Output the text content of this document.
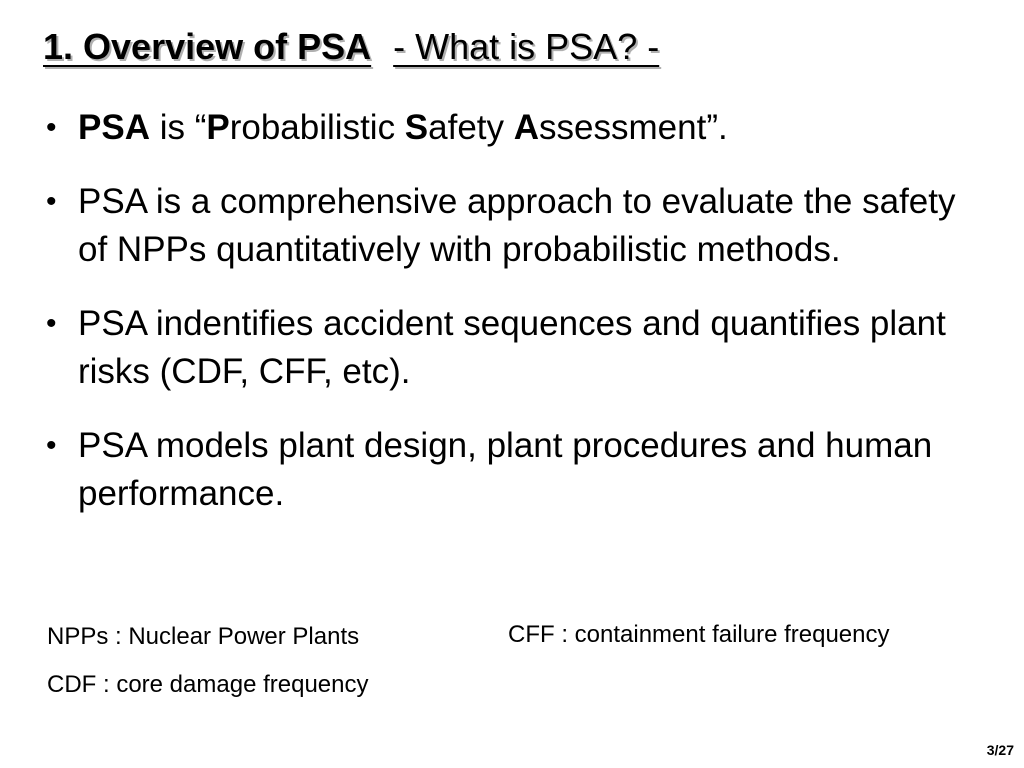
1. Overview of PSA - What is PSA? -
• PSA is “Probabilistic Safety Assessment”.
• PSA is a comprehensive approach to evaluate the safety of NPPs quantitatively with probabilistic methods.
• PSA indentifies accident sequences and quantifies plant risks (CDF, CFF, etc).
• PSA models plant design, plant procedures and human performance.
NPPs : Nuclear Power Plants
CDF : core damage frequency
CFF : containment failure frequency
3/27
